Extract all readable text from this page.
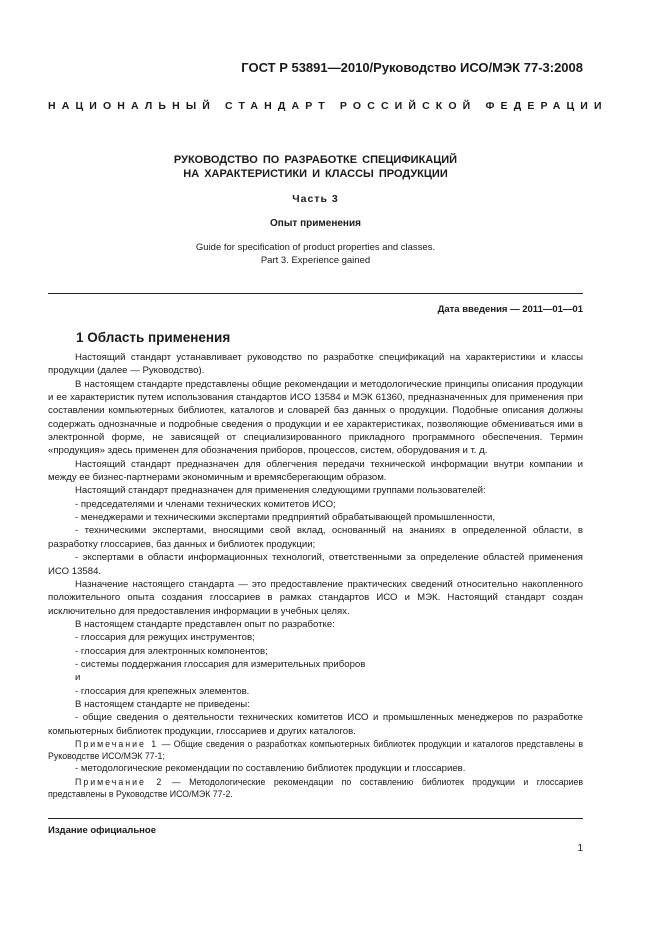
ГОСТ Р 53891—2010/Руководство ИСО/МЭК 77-3:2008
НАЦИОНАЛЬНЫЙ СТАНДАРТ РОССИЙСКОЙ ФЕДЕРАЦИИ
РУКОВОДСТВО ПО РАЗРАБОТКЕ СПЕЦИФИКАЦИЙ
НА ХАРАКТЕРИСТИКИ И КЛАССЫ ПРОДУКЦИИ
Часть 3
Опыт применения
Guide for specification of product properties and classes.
Part 3. Experience gained
Дата введения — 2011—01—01
1 Область применения

Настоящий стандарт устанавливает руководство по разработке спецификаций на характеристики и классы продукции (далее — Руководство).

В настоящем стандарте представлены общие рекомендации и методологические принципы описания продукции и ее характеристик путем использования стандартов ИСО 13584 и МЭК 61360, предназначенных для применения при составлении компьютерных библиотек, каталогов и словарей баз данных о продукции. Подобные описания должны содержать однозначные и подробные сведения о продукции и ее характеристиках, позволяющие обмениваться ими в электронной форме, не зависящей от специализированного прикладного программного обеспечения. Термин «продукция» здесь применен для обозначения приборов, процессов, систем, оборудования и т. д.

Настоящий стандарт предназначен для облегчения передачи технической информации внутри компании и между ее бизнес-партнерами экономичным и времясберегающим образом.

Настоящий стандарт предназначен для применения следующими группами пользователей:

- председателями и членами технических комитетов ИСО;

- менеджерами и техническими экспертами предприятий обрабатывающей промышленности,

- техническими экспертами, вносящими свой вклад, основанный на знаниях в определенной области, в разработку глоссариев, баз данных и библиотек продукции;

- экспертами в области информационных технологий, ответственными за определение областей применения ИСО 13584.

Назначение настоящего стандарта — это предоставление практических сведений относительно накопленного положительного опыта создания глоссариев в рамках стандартов ИСО и МЭК. Настоящий стандарт создан исключительно для предоставления информации в учебных целях.

В настоящем стандарте представлен опыт по разработке:

- глоссария для режущих инструментов;

- глоссария для электронных компонентов;

- системы поддержания глоссария для измерительных приборов

и

- глоссария для крепежных элементов.

В настоящем стандарте не приведены:

- общие сведения о деятельности технических комитетов ИСО и промышленных менеджеров по разработке компьютерных библиотек продукции, глоссариев и других каталогов.

Примечание 1 — Общие сведения о разработках компьютерных библиотек продукции и каталогов представлены в Руководстве ИСО/МЭК 77-1;

- методологические рекомендации по составлению библиотек продукции и глоссариев.

Примечание 2 — Методологические рекомендации по составлению библиотек продукции и глоссариев представлены в Руководстве ИСО/МЭК 77-2.

Издание официальное
1
